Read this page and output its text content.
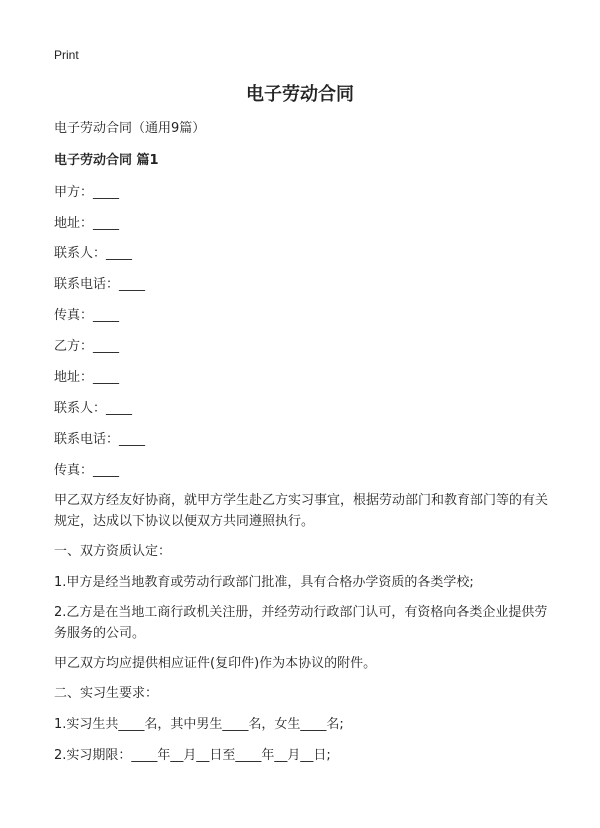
Print
电子劳动合同
电子劳动合同（通用9篇）
电子劳动合同 篇1
甲方：____
地址：____
联系人：____
联系电话：____
传真：____
乙方：____
地址：____
联系人：____
联系电话：____
传真：____
甲乙双方经友好协商，就甲方学生赴乙方实习事宜，根据劳动部门和教育部门等的有关规定，达成以下协议以便双方共同遵照执行。
一、双方资质认定：
1.甲方是经当地教育或劳动行政部门批准，具有合格办学资质的各类学校;
2.乙方是在当地工商行政机关注册，并经劳动行政部门认可，有资格向各类企业提供劳务服务的公司。
甲乙双方均应提供相应证件(复印件)作为本协议的附件。
二、实习生要求：
1.实习生共____名，其中男生____名，女生____名;
2.实习期限：____年__月__日至____年__月__日;
